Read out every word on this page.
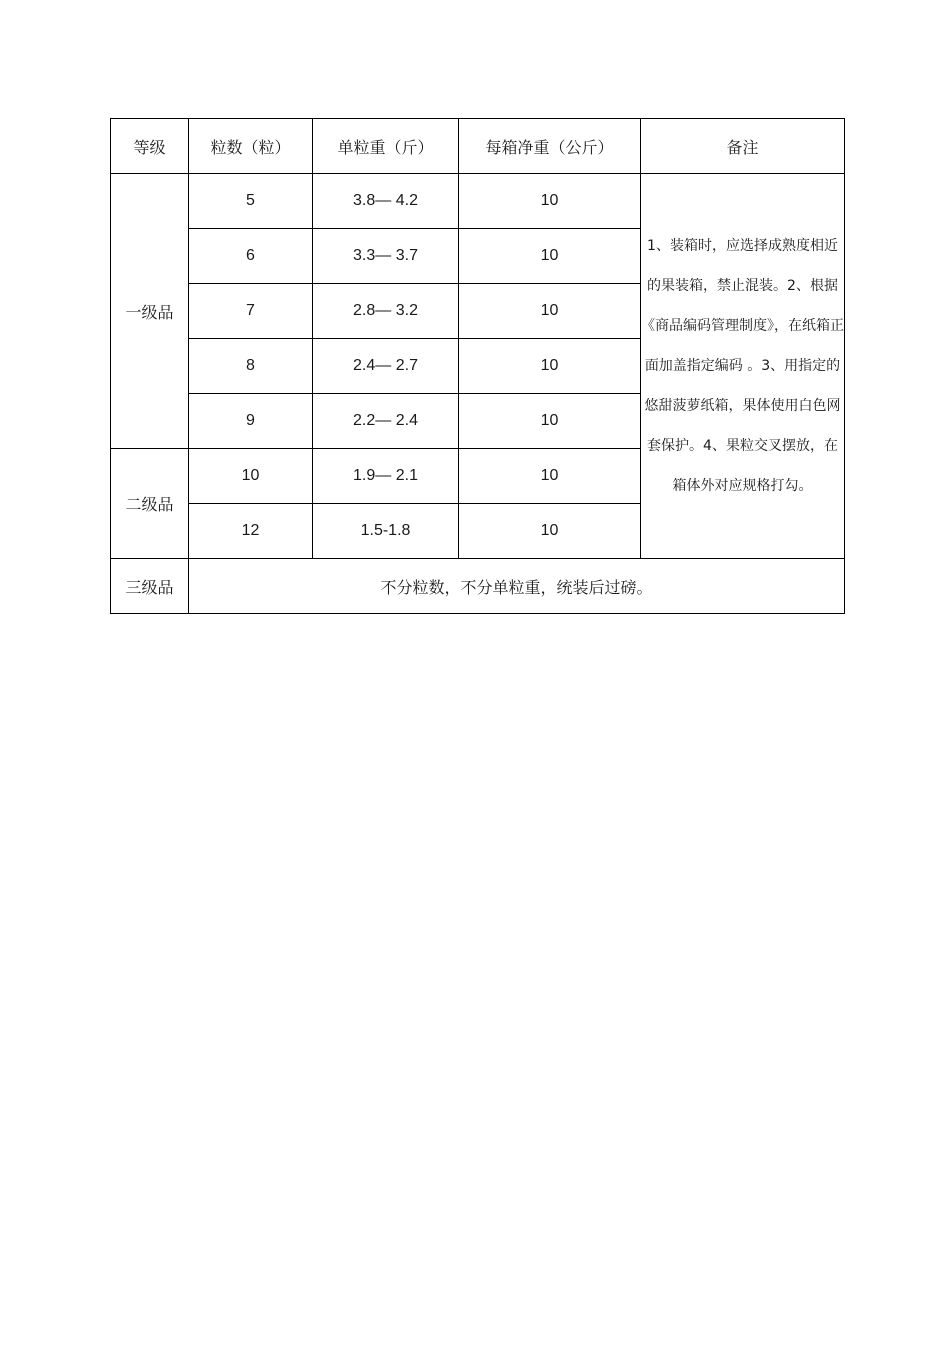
等级	粒数（粒）	单粒重（斤）	每箱净重（公斤）	备注
一级品	5	3.8— 4.2	10	1、装箱时，应选择成熟度相近的果装箱，禁止混装。2、根据《商品编码管理制度》，在纸箱正面加盖指定编码 。3、用指定的悠甜菠萝纸箱，果体使用白色网套保护。4、果粒交叉摆放，在箱体外对应规格打勾。

	6	3.3— 3.7	10	
	7	2.8— 3.2	10	
	8	2.4— 2.7	10	
	9	2.2— 2.4	10	
二级品	10	1.9— 2.1	10	
	12	1.5-1.8	10	
三级品	不分粒数，不分单粒重，统装后过磅。			
